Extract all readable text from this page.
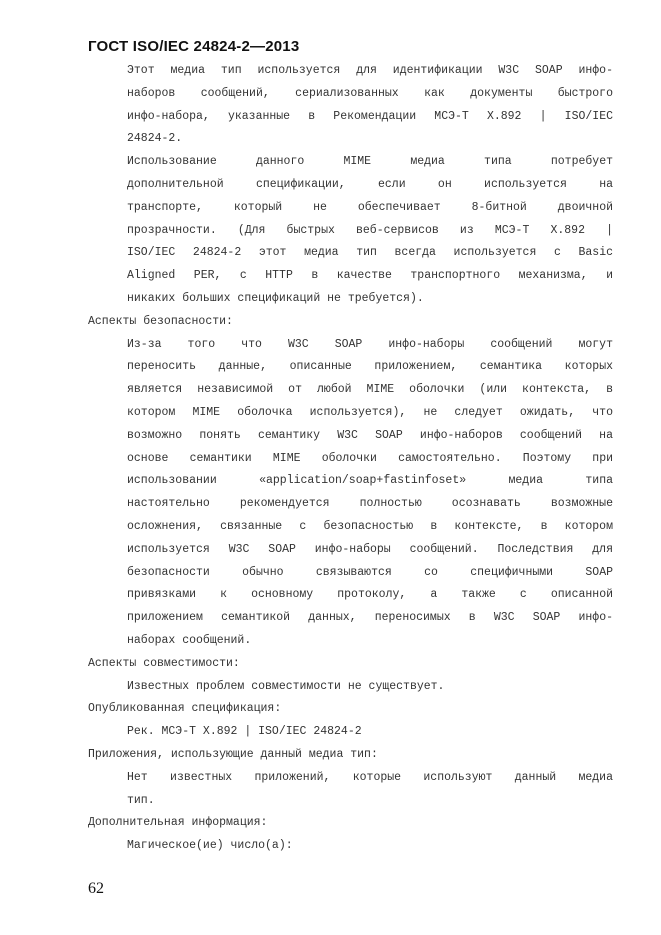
ГОСТ ISO/IEC 24824-2—2013
Этот медиа тип используется для идентификации W3C SOAP инфо-
наборов сообщений, сериализованных как документы быстрого
инфо-набора, указанные в Рекомендации МСЭ-Т Х.892 | ISO/IEC
24824-2.
Использование данного MIME медиа типа потребует
дополнительной спецификации, если он используется на
транспорте, который не обеспечивает 8-битной двоичной
прозрачности. (Для быстрых веб-сервисов из МСЭ-Т Х.892 |
ISO/IEC 24824-2 этот медиа тип всегда используется с Basic
Aligned PER, с HTTP в качестве транспортного механизма, и
никаких больших спецификаций не требуется).
Аспекты безопасности:
Из-за того что W3C SOAP инфо-наборы сообщений могут
переносить данные, описанные приложением, семантика которых
является независимой от любой MIME оболочки (или контекста, в
котором MIME оболочка используется), не следует ожидать, что
возможно понять семантику W3C SOAP инфо-наборов сообщений на
основе семантики MIME оболочки самостоятельно. Поэтому при
использовании «application/soap+fastinfoset» медиа типа
настоятельно рекомендуется полностью осознавать возможные
осложнения, связанные с безопасностью в контексте, в котором
используется W3C SOAP инфо-наборы сообщений. Последствия для
безопасности обычно связываются со специфичными SOAP
привязками к основному протоколу, а также с описанной
приложением семантикой данных, переносимых в W3C SOAP инфо-
наборах сообщений.
Аспекты совместимости:
Известных проблем совместимости не существует.
Опубликованная спецификация:
Рек. МСЭ-Т Х.892 | ISO/IEC 24824-2
Приложения, использующие данный медиа тип:
Нет известных приложений, которые используют данный медиа
тип.
Дополнительная информация:
Магическое(ие) число(а):
62
